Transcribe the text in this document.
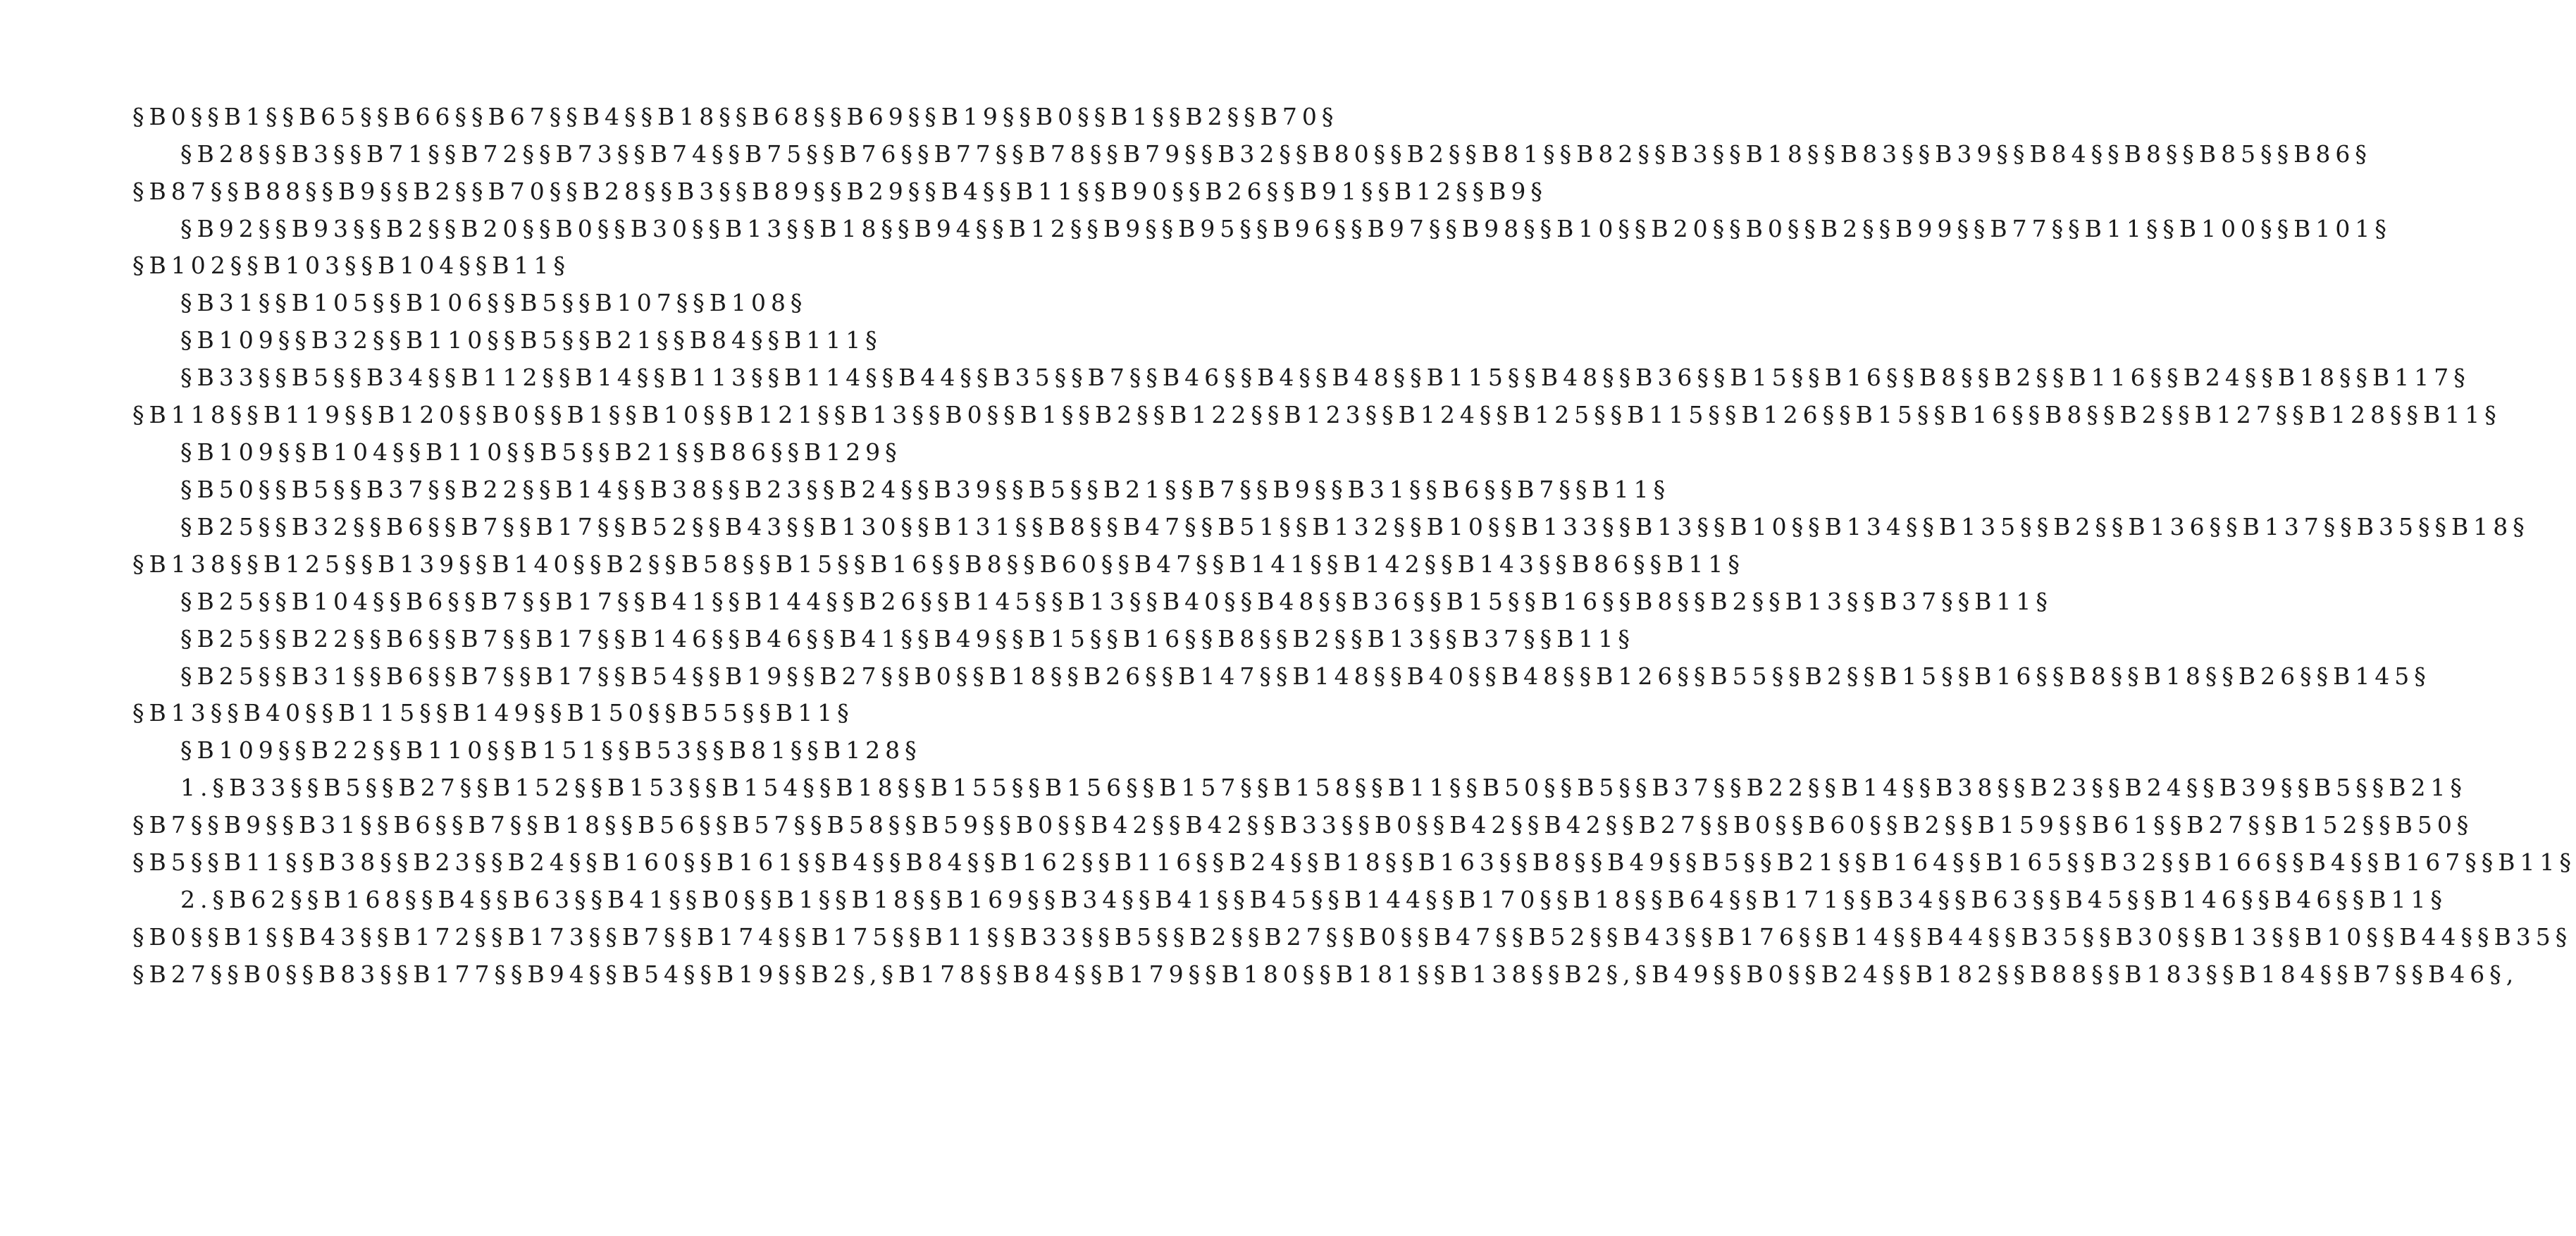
§B0§§B1§§B65§§B66§§B67§§B4§§B18§§B68§§B69§§B19§§B0§§B1§§B2§§B70§
§B28§§B3§§B71§§B72§§B73§§B74§§B75§§B76§§B77§§B78§§B79§§B32§§B80§§B2§§B81§§B82§§B3§§B18§§B83§§B39§§B84§§B8§§B85§§B86§
§B87§§B88§§B9§§B2§§B70§§B28§§B3§§B89§§B29§§B4§§B11§§B90§§B26§§B91§§B12§§B9§
§B92§§B93§§B2§§B20§§B0§§B30§§B13§§B18§§B94§§B12§§B9§§B95§§B96§§B97§§B98§§B10§§B20§§B0§§B2§§B99§§B77§§B11§§B100§§B101§
§B102§§B103§§B104§§B11§
§B31§§B105§§B106§§B5§§B107§§B108§
§B109§§B32§§B110§§B5§§B21§§B84§§B111§
§B33§§B5§§B34§§B112§§B14§§B113§§B114§§B44§§B35§§B7§§B46§§B4§§B48§§B115§§B48§§B36§§B15§§B16§§B8§§B2§§B116§§B24§§B18§§B117§
§B118§§B119§§B120§§B0§§B1§§B10§§B121§§B13§§B0§§B1§§B2§§B122§§B123§§B124§§B125§§B115§§B126§§B15§§B16§§B8§§B2§§B127§§B128§§B11§
§B109§§B104§§B110§§B5§§B21§§B86§§B129§
§B50§§B5§§B37§§B22§§B14§§B38§§B23§§B24§§B39§§B5§§B21§§B7§§B9§§B31§§B6§§B7§§B11§
§B25§§B32§§B6§§B7§§B17§§B52§§B43§§B130§§B131§§B8§§B47§§B51§§B132§§B10§§B133§§B13§§B10§§B134§§B135§§B2§§B136§§B137§§B35§§B18§
§B138§§B125§§B139§§B140§§B2§§B58§§B15§§B16§§B8§§B60§§B47§§B141§§B142§§B143§§B86§§B11§
§B25§§B104§§B6§§B7§§B17§§B41§§B144§§B26§§B145§§B13§§B40§§B48§§B36§§B15§§B16§§B8§§B2§§B13§§B37§§B11§
§B25§§B22§§B6§§B7§§B17§§B146§§B46§§B41§§B49§§B15§§B16§§B8§§B2§§B13§§B37§§B11§
§B25§§B31§§B6§§B7§§B17§§B54§§B19§§B27§§B0§§B18§§B26§§B147§§B148§§B40§§B48§§B126§§B55§§B2§§B15§§B16§§B8§§B18§§B26§§B145§
§B13§§B40§§B115§§B149§§B150§§B55§§B11§
§B109§§B22§§B110§§B151§§B53§§B81§§B128§
1.§B33§§B5§§B27§§B152§§B153§§B154§§B18§§B155§§B156§§B157§§B158§§B11§§B50§§B5§§B37§§B22§§B14§§B38§§B23§§B24§§B39§§B5§§B21§
§B7§§B9§§B31§§B6§§B7§§B18§§B56§§B57§§B58§§B59§§B0§§B42§§B42§§B33§§B0§§B42§§B42§§B27§§B0§§B60§§B2§§B159§§B61§§B27§§B152§§B50§
§B5§§B11§§B38§§B23§§B24§§B160§§B161§§B4§§B84§§B162§§B116§§B24§§B18§§B163§§B8§§B49§§B5§§B21§§B164§§B165§§B32§§B166§§B4§§B167§§B11§
2.§B62§§B168§§B4§§B63§§B41§§B0§§B1§§B18§§B169§§B34§§B41§§B45§§B144§§B170§§B18§§B64§§B171§§B34§§B63§§B45§§B146§§B46§§B11§
§B0§§B1§§B43§§B172§§B173§§B7§§B174§§B175§§B11§§B33§§B5§§B2§§B27§§B0§§B47§§B52§§B43§§B176§§B14§§B44§§B35§§B30§§B13§§B10§§B44§§B35§
§B27§§B0§§B83§§B177§§B94§§B54§§B19§§B2§,§B178§§B84§§B179§§B180§§B181§§B138§§B2§,§B49§§B0§§B24§§B182§§B88§§B183§§B184§§B7§§B46§,
